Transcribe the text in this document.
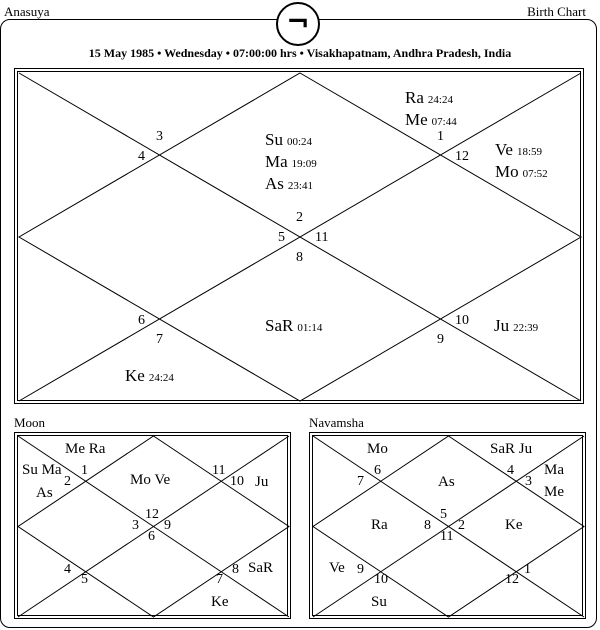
Anasuya	Birth Chart
¬
15 May 1985 • Wednesday • 07:00:00 hrs • Visakhapatnam, Andhra Pradesh, India
1
2
3
4
5
6
7
8
9
10
11
12
Ra 24:24
Me 07:44
Su 00:24
Ma 19:09
As 23:41
Ve 18:59
Mo 07:52
SaR 01:14	Ju 22:39
Ke 24:24
Moon
1
2
3
4
5
6
7
8
9
10
11
12
Me Ra
Su Ma
As
Mo Ve	Ju
SaR
Ke
Navamsha
1
2
3
4
5
6
7
8
9
10
11
12
Mo	SaR Ju
Ma
Me
As
Ra	Ke
Ve
Su
